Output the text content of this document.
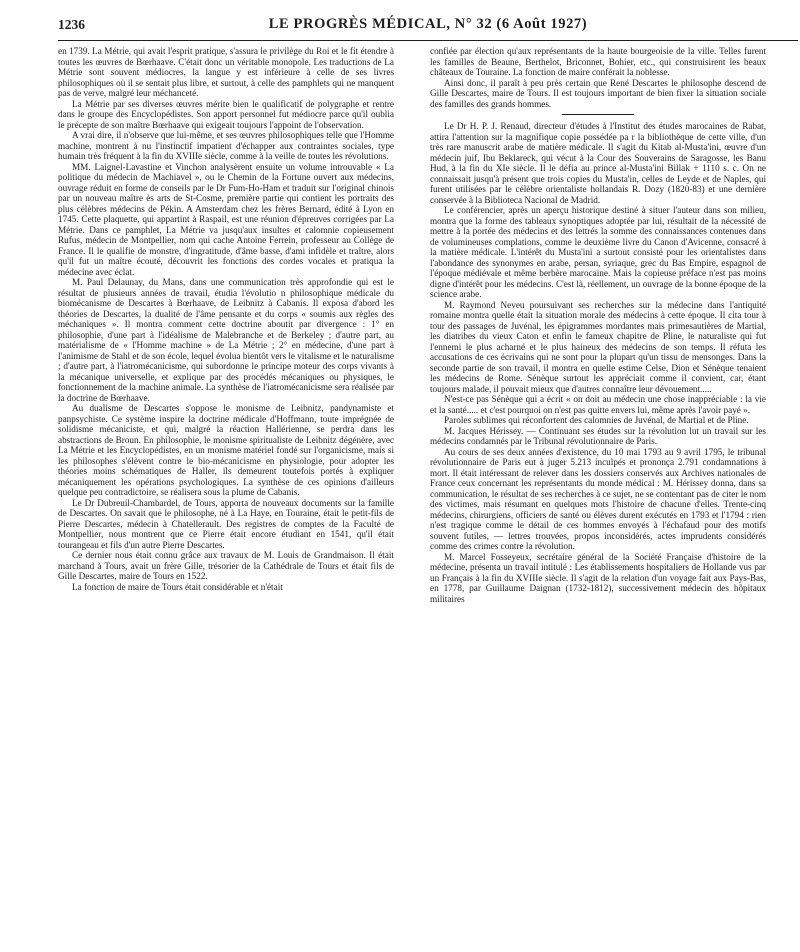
1236	LE PROGRÈS MÉDICAL, N° 32 (6 Août 1927)

en 1739. La Métrie, qui avait l'esprit pratique, s'assura le privilège du Roi et le fit étendre à toutes les œuvres de Bœrhaave. C'était donc un véritable monopole. Les traductions de La Métrie sont souvent médiocres, la langue y est inférieure à celle de ses livres philosophiques où il se sentait plus libre, et surtout, à celle des pamphlets qui ne manquent pas de verve, malgré leur méchanceté.

La Métrie par ses diverses œuvres mérite bien le qualificatif de polygraphe et rentre dans le groupe des Encyclopédistes. Son apport personnel fut médiocre parce qu'il oublia le précepte de son maître Bœrhaave qui exigeait toujours l'appoint de l'observation.

A vrai dire, il n'observe que lui-même, et ses œuvres philosophiques telle que l'Homme machine, montrent à nu l'instinctif impatient d'échapper aux contraintes sociales, type humain très fréquent à la fin du XVIIIe siècle, comme à la veille de toutes les révolutions.

MM. Laignel-Lavastine et Vinchon analysèrent ensuite un volume introuvable « La politique du médecin de Machiavel », ou le Chemin de la Fortune ouvert aux médecins, ouvrage réduit en forme de conseils par le Dr Fum-Ho-Ham et traduit sur l'original chinois par un nouveau maître ès arts de St-Cosme, première partie qui contient les portraits des plus célèbres médecins de Pékin. A Amsterdam chez les frères Bernard, édité à Lyon en 1745. Cette plaquette, qui appartint à Raspail, est une réunion d'épreuves corrigées par La Métrie. Dans ce pamphlet, La Métrie va jusqu'aux insultes et calomnie copieusement Rufus, médecin de Montpellier, nom qui cache Antoine Ferrein, professeur au Collège de France. Il le qualifie de monstre, d'ingratitude, d'âme basse, d'ami infidèle et traître, alors qu'il fut un maître écouté, découvrit les fonctions des cordes vocales et pratiqua la médecine avec éclat.

M. Paul Delaunay, du Mans, dans une communication très approfondie qui est le résultat de plusieurs années de travail, étudia l'évolutio n philosophique médicale du biomécanisme de Descartes à Bœrhaave, de Leibnitz à Cabanis. Il exposa d'abord les théories de Descartes, la dualité de l'âme pensante et du corps « soumis aux règles des méchaniques ». Il montra comment cette doctrine aboutit par divergence : 1° en philosophie, d'une part à l'idéalisme de Malebranche et de Berkeley ; d'autre part, au matérialisme de « l'Homme machine » de La Métrie ; 2° en médecine, d'une part à l'animisme de Stahl et de son école, lequel évolua bientôt vers le vitalisme et le naturalisme ; d'autre part, à l'iatromécanicisme, qui subordonne le principe moteur des corps vivants à la mécanique universelle, et explique par des procédés mécaniques ou physiques, le fonctionnement de la machine animale. La synthèse de l'iatromécanicisme sera réalisée par la doctrine de Bœrhaave.

Au dualisme de Descartes s'oppose le monisme de Leibnitz, pandynamiste et panpsychiste. Ce système inspire la doctrine médicale d'Hoffmann, toute imprégnée de solidisme mécaniciste, et qui, malgré la réaction Hallérienne, se perdra dans les abstractions de Broun. En philosophie, le monisme spiritualiste de Leibnitz dégénère, avec La Métrie et les Encyclopédistes, en un monisme matériel fondé sur l'organicisme, mais si les philosophes s'élèvent contre le bio-mécanicisme en physiologie, pour adopter les théories moins schématiques de Haller, ils demeurent toutefois portés à expliquer mécaniquement les opérations psychologiques. La synthèse de ces opinions d'ailleurs quelque peu contradictoire, se réalisera sous la plume de Cabanis.

Le Dr Dubreuil-Chambardel, de Tours, apporta de nouveaux documents sur la famille de Descartes. On savait que le philosophe, né à La Haye, en Touraine, était le petit-fils de Pierre Descartes, médecin à Chatellerault. Des registres de comptes de la Faculté de Montpellier, nous montrent que ce Pierre était encore étudiant en 1541, qu'il était tourangeau et fils d'un autre Pierre Descartes.

Ce dernier nous était connu grâce aux travaux de M. Louis de Grandmaison. Il était marchand à Tours, avait un frère Gille, trésorier de la Cathédrale de Tours et était fils de Gille Descartes, maire de Tours en 1522.

La fonction de maire de Tours était considérable et n'était

confiée par élection qu'aux représentants de la haute bourgeoisie de la ville. Telles furent les familles de Beaune, Berthelot, Briconnet, Bohier, etc., qui construisirent les beaux châteaux de Touraine. La fonction de maire conférait la noblesse.

Ainsi donc, il paraît à peu près certain que René Descartes le philosophe descend de Gille Descartes, maire de Tours. Il est toujours important de bien fixer la situation sociale des familles des grands hommes.

Le Dr H. P. J. Renaud, directeur d'études à l'Institut des études marocaines de Rabat, attira l'attention sur la magnifique copie possédée pa r la bibliothèque de cette ville, d'un très rare manuscrit arabe de matière médicale. Il s'agit du Kitab al-Musta'ini, œuvre d'un médecin juif, Ibu Beklareck, qui vécut à la Cour des Souverains de Saragosse, les Banu Hud, à la fin du XIe siècle. Il le défia au prince al-Musta'ini Billak + 1110 s. c. On ne connaissait jusqu'à présent que trois copies du Musta'in, celles de Leyde et de Naples, qui furent utilisées par le célèbre orientaliste hollandais R. Dozy (1820-83) et une dernière conservée à la Biblioteca Nacional de Madrid.

Le conférencier, après un aperçu historique destiné à situer l'auteur dans son milieu, montra que la forme des tableaux synoptiques adoptée par lui, résultait de la nécessité de mettre à la portée des médecins et des lettrés la somme des connaissances contenues dans de volumineuses complations, comme le deuxième livre du Canon d'Avicenne, consacré à la matière médicale. L'intérêt du Musta'ini a surtout consisté pour les orientalistes dans l'abondance des synonymes en arabe, persan, syriaque, grec du Bas Empire, espagnol de l'époque médiévale et même berbère marocaine. Mais la copieuse préface n'est pas moins digne d'intérêt pour les médecins. C'est là, réellement, un ouvrage de la bonne époque de la science arabe.

M. Raymond Neveu poursuivant ses recherches sur la médecine dans l'antiquité romaine montra quelle était la situation morale des médecins à cette époque. Il cita tour à tour des passages de Juvénal, les épigrammes mordantes mais primesautières de Martial, les diatribes du vieux Caton et enfin le fameux chapitre de Pline, le naturaliste qui fut l'ennemi le plus acharné et le plus haineux des médecins de son temps. Il réfuta les accusations de ces écrivains qui ne sont pour la plupart qu'un tissu de mensonges. Dans la seconde partie de son travail, il montra en quelle estime Celse, Dion et Sénèque tenaient les médecins de Rome. Sénèque surtout les appréciait comme il convient, car, étant toujours malade, il pouvait mieux que d'autres connaître leur dévouement.....

N'est-ce pas Sénèque qui a écrit « on doit au médecin une chose inappréciable : la vie et la santé..... et c'est pourquoi on n'est pas quitte envers lui, même après l'avoir payé ».

Paroles sublimes qui réconfortent des calomnies de Juvénal, de Martial et de Pline.

M. Jacques Hérissey. — Continuant ses études sur la révolution lut un travail sur les médecins condamnés par le Tribunal révolutionnaire de Paris.

Au cours de ses deux années d'existence, du 10 mai 1793 au 9 avril 1795, le tribunal révolutionnaire de Paris eut à juger 5.213 inculpés et prononça 2.791 condamnations à mort. Il était intéressant de relever dans les dossiers conservés aux Archives nationales de France ceux concernant les représentants du monde médical : M. Hérissey donna, dans sa communication, le résultat de ses recherches à ce sujet, ne se contentant pas de citer le nom des victimes, mais résumant en quelques mots l'histoire de chacune d'elles. Trente-cinq médecins, chirurgiens, officiers de santé ou élèves durent exécutés en 1793 et l'1794 : rien n'est tragique comme le détail de ces hommes envoyés à l'échafaud pour des motifs souvent futiles, — lettres trouvées, propos inconsidérés, actes imprudents considérés comme des crimes contre la révolution.

M. Marcel Fosseyeux, secrétaire général de la Société Française d'histoire de la médecine, présenta un travail intitulé : Les établissements hospitaliers de Hollande vus par un Français à la fin du XVIIIe siècle. Il s'agit de la relation d'un voyage fait aux Pays-Bas, en 1778, par Guillaume Daignan (1732-1812), successivement médecin des hôpitaux militaires
